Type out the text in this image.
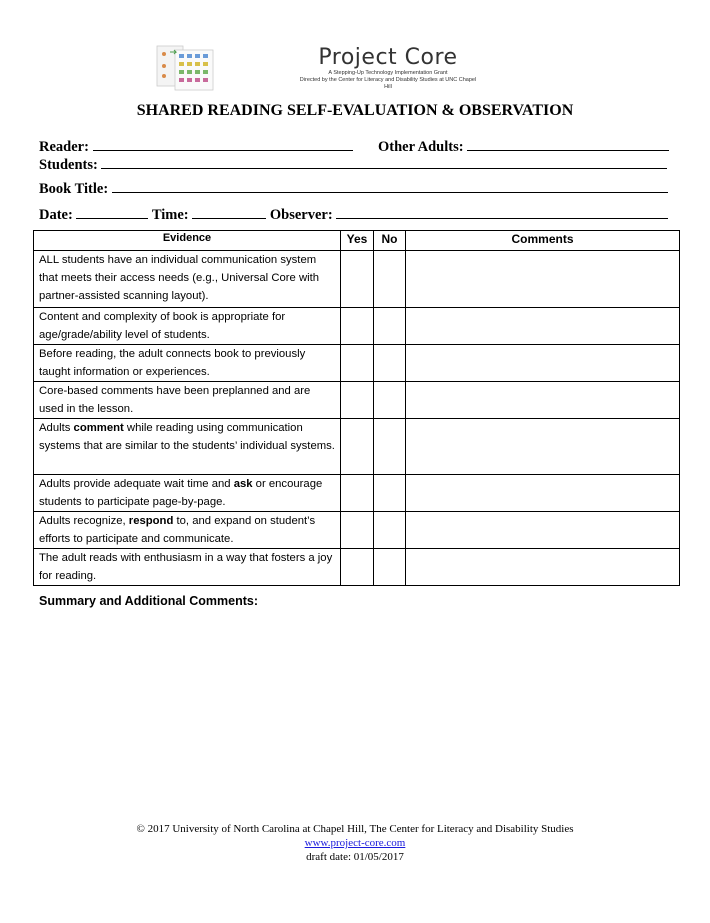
Project Core
A Stepping-Up Technology Implementation Grant
Directed by the Center for Literacy and Disability Studies at UNC Chapel Hill
SHARED READING SELF-EVALUATION & OBSERVATION
Reader:	Other Adults:
Students:
Book Title:
Date:	Time:	Observer:
Evidence	Yes	No	Comments
ALL students have an individual communication system that meets their access needs (e.g., Universal Core with partner-assisted scanning layout).			
Content and complexity of book is appropriate for age/grade/ability level of students.			
Before reading, the adult connects book to previously taught information or experiences.			
Core-based comments have been preplanned and are used in the lesson.			
Adults comment while reading using communication systems that are similar to the students’ individual systems.			
Adults provide adequate wait time and ask or encourage students to participate page-by-page.			
Adults recognize, respond to, and expand on student’s efforts to participate and communicate.			
The adult reads with enthusiasm in a way that fosters a joy for reading.			
Summary and Additional Comments:
© 2017 University of North Carolina at Chapel Hill, The Center for Literacy and Disability Studies
www.project-core.com
draft date: 01/05/2017
